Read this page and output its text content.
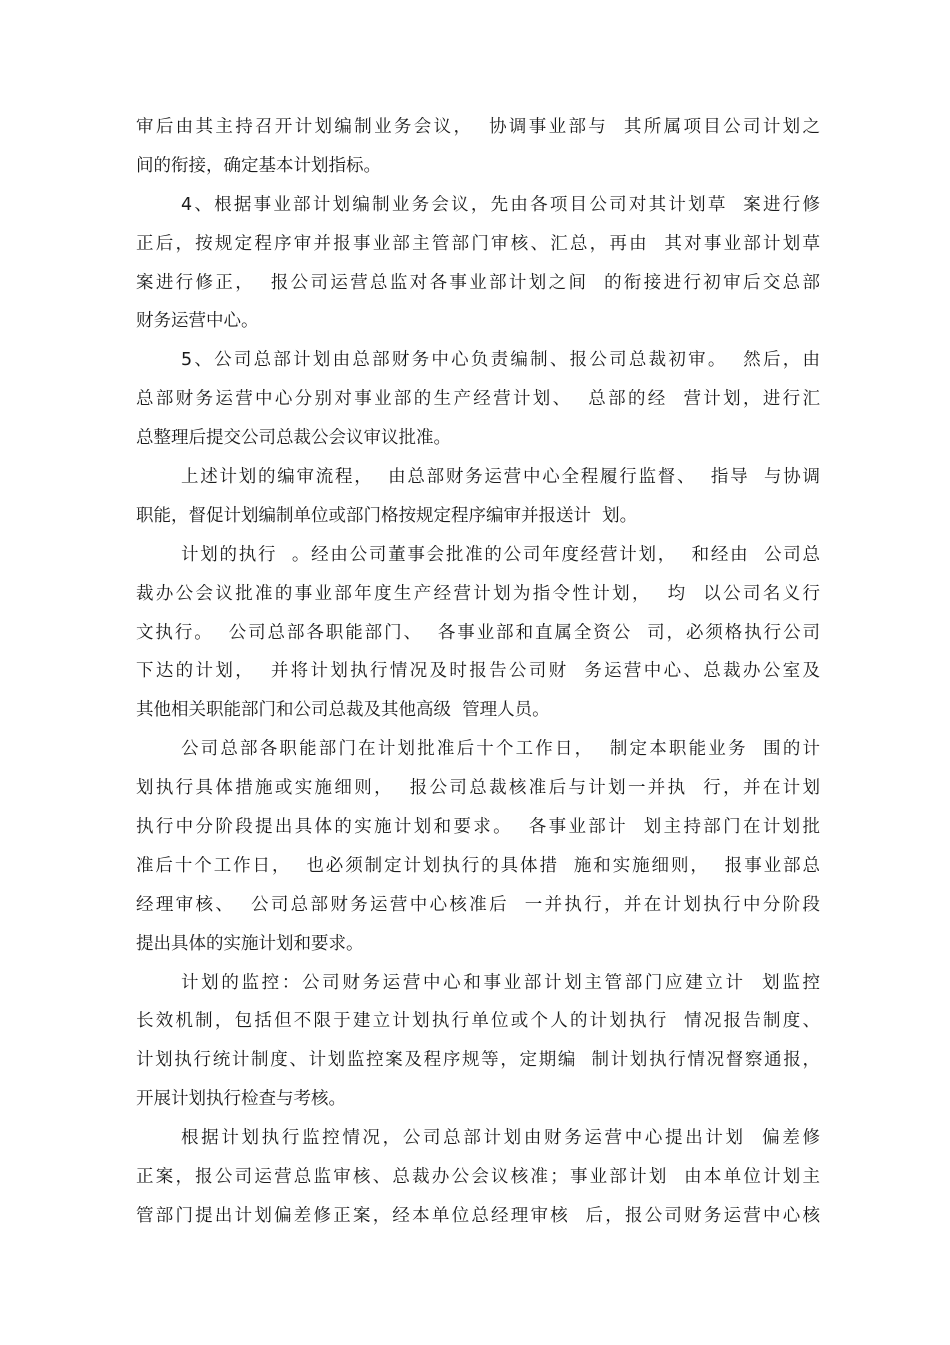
审后由其主持召开计划编制业务会议，  协调事业部与  其所属项目公司计划之
间的衔接，确定基本计划指标。
4、根据事业部计划编制业务会议，先由各项目公司对其计划草  案进行修
正后，按规定程序审并报事业部主管部门审核、汇总，再由  其对事业部计划草
案进行修正，  报公司运营总监对各事业部计划之间  的衔接进行初审后交总部
财务运营中心。
5、公司总部计划由总部财务中心负责编制、报公司总裁初审。  然后，由
总部财务运营中心分别对事业部的生产经营计划、  总部的经  营计划，进行汇
总整理后提交公司总裁公会议审议批准。
上述计划的编审流程，  由总部财务运营中心全程履行监督、  指导  与协调
职能，督促计划编制单位或部门格按规定程序编审并报送计  划。
计划的执行  。经由公司董事会批准的公司年度经营计划，  和经由  公司总
裁办公会议批准的事业部年度生产经营计划为指令性计划，  均  以公司名义行
文执行。  公司总部各职能部门、  各事业部和直属全资公  司，必须格执行公司
下达的计划，  并将计划执行情况及时报告公司财  务运营中心、总裁办公室及
其他相关职能部门和公司总裁及其他高级  管理人员。
公司总部各职能部门在计划批准后十个工作日，  制定本职能业务  围的计
划执行具体措施或实施细则，  报公司总裁核准后与计划一并执  行，并在计划
执行中分阶段提出具体的实施计划和要求。  各事业部计  划主持部门在计划批
准后十个工作日，  也必须制定计划执行的具体措  施和实施细则，  报事业部总
经理审核、  公司总部财务运营中心核准后  一并执行，并在计划执行中分阶段
提出具体的实施计划和要求。
计划的监控：公司财务运营中心和事业部计划主管部门应建立计  划监控
长效机制，包括但不限于建立计划执行单位或个人的计划执行  情况报告制度、
计划执行统计制度、计划监控案及程序规等，定期编  制计划执行情况督察通报，
开展计划执行检查与考核。
根据计划执行监控情况，公司总部计划由财务运营中心提出计划  偏差修
正案，报公司运营总监审核、总裁办公会议核准；事业部计划  由本单位计划主
管部门提出计划偏差修正案，经本单位总经理审核  后，报公司财务运营中心核
